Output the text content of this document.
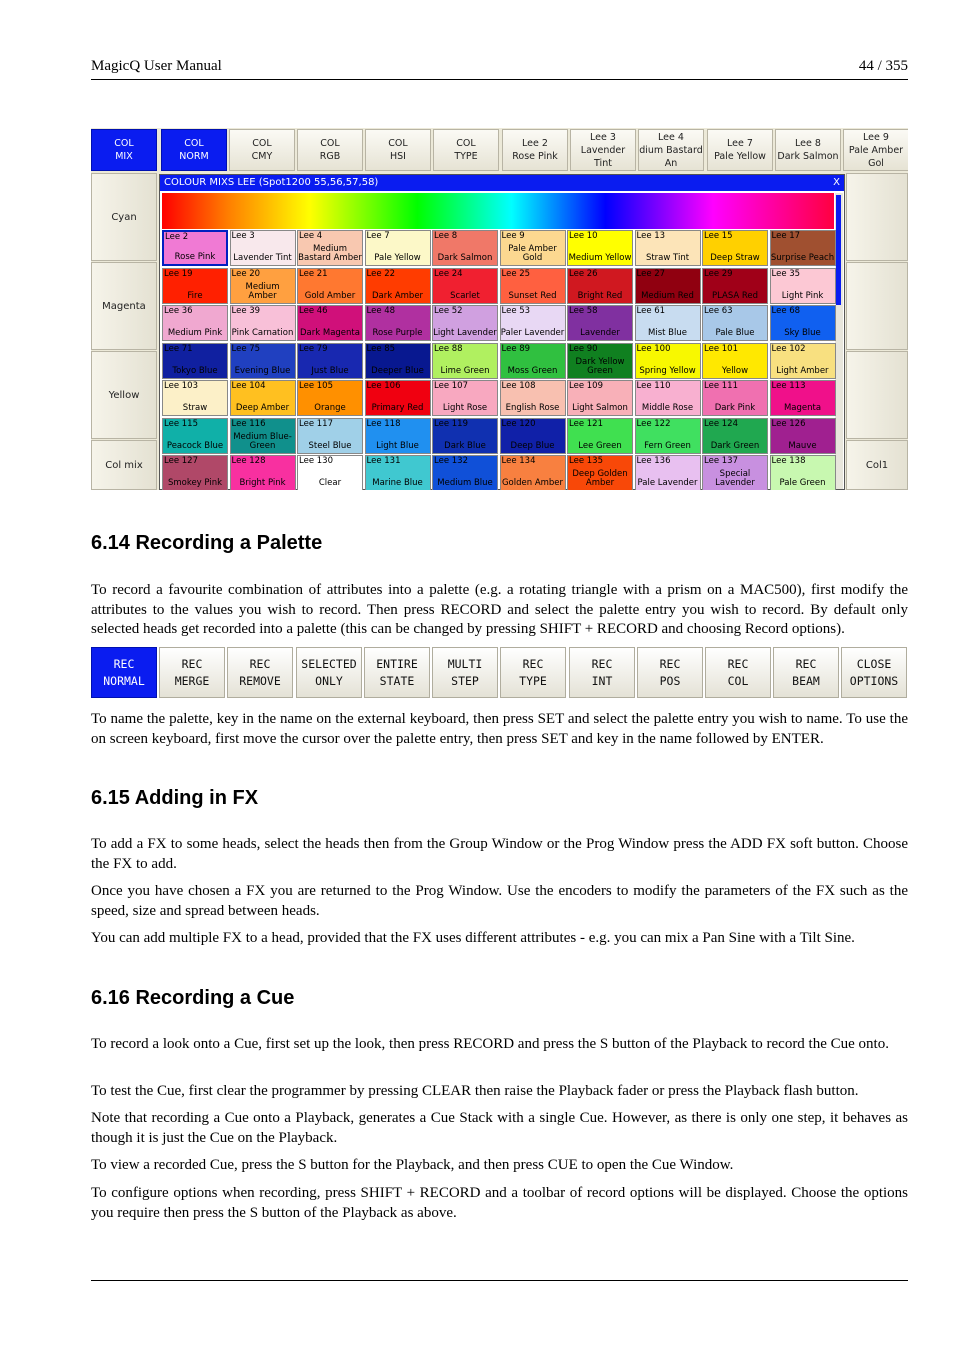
MagicQ User Manual	44 / 355
COL
MIX
COL
NORM
COL
CMY
COL
RGB
COL
HSI
COL
TYPE
Lee 2
Rose Pink
Lee 3
Lavender Tint
Lee 4
dium Bastard An
Lee 7
Pale Yellow
Lee 8
Dark Salmon
Lee 9
Pale Amber Gol
Cyan
Magenta
Yellow
Col mix	Col1
COLOUR MIXS LEE (Spot1200 55,56,57,58)	X
Lee 2
Rose Pink
Lee 3
Lavender Tint
Lee 4
Medium Bastard Amber
Lee 7
Pale Yellow
Lee 8
Dark Salmon
Lee 9
Pale Amber Gold
Lee 10
Medium Yellow
Lee 13
Straw Tint
Lee 15
Deep Straw
Lee 17
Surprise Peach
Lee 19
Fire
Lee 20
Medium Amber
Lee 21
Gold Amber
Lee 22
Dark Amber
Lee 24
Scarlet
Lee 25
Sunset Red
Lee 26
Bright Red
Lee 27
Medium Red
Lee 29
PLASA Red
Lee 35
Light Pink
Lee 36
Medium Pink
Lee 39
Pink Carnation
Lee 46
Dark Magenta
Lee 48
Rose Purple
Lee 52
Light Lavender
Lee 53
Paler Lavender
Lee 58
Lavender
Lee 61
Mist Blue
Lee 63
Pale Blue
Lee 68
Sky Blue
Lee 71
Tokyo Blue
Lee 75
Evening Blue
Lee 79
Just Blue
Lee 85
Deeper Blue
Lee 88
Lime Green
Lee 89
Moss Green
Lee 90
Dark Yellow Green
Lee 100
Spring Yellow
Lee 101
Yellow
Lee 102
Light Amber
Lee 103
Straw
Lee 104
Deep Amber
Lee 105
Orange
Lee 106
Primary Red
Lee 107
Light Rose
Lee 108
English Rose
Lee 109
Light Salmon
Lee 110
Middle Rose
Lee 111
Dark Pink
Lee 113
Magenta
Lee 115
Peacock Blue
Lee 116
Medium Blue-Green
Lee 117
Steel Blue
Lee 118
Light Blue
Lee 119
Dark Blue
Lee 120
Deep Blue
Lee 121
Lee Green
Lee 122
Fern Green
Lee 124
Dark Green
Lee 126
Mauve
Lee 127
Smokey Pink
Lee 128
Bright Pink
Lee 130
Clear
Lee 131
Marine Blue
Lee 132
Medium Blue
Lee 134
Golden Amber
Lee 135
Deep Golden Amber
Lee 136
Pale Lavender
Lee 137
Special Lavender
Lee 138
Pale Green
6.14 Recording a Palette

To record a favourite combination of attributes into a palette (e.g. a rotating triangle with a prism on a MAC500), first modify the attributes to the values you wish to record. Then press RECORD and select the palette entry you wish to record. By default only selected heads get recorded into a palette (this can be changed by pressing SHIFT + RECORD and choosing Record options).

REC
NORMAL
REC
MERGE
REC
REMOVE
SELECTED
ONLY
ENTIRE
STATE
MULTI
STEP
REC
TYPE
REC
INT
REC
POS
REC
COL
REC
BEAM
CLOSE
OPTIONS

To name the palette, key in the name on the external keyboard, then press SET and select the palette entry you wish to name. To use the on screen keyboard, first move the cursor over the palette entry, then press SET and key in the name followed by ENTER.

6.15 Adding in FX

To add a FX to some heads, select the heads then from the Group Window or the Prog Window press the ADD FX soft button. Choose the FX to add.

Once you have chosen a FX you are returned to the Prog Window. Use the encoders to modify the parameters of the FX such as the speed, size and spread between heads.

You can add multiple FX to a head, provided that the FX uses different attributes - e.g. you can mix a Pan Sine with a Tilt Sine.

6.16 Recording a Cue

To record a look onto a Cue, first set up the look, then press RECORD and press the S button of the Playback to record the Cue onto.

To test the Cue, first clear the programmer by pressing CLEAR then raise the Playback fader or press the Playback flash button.

Note that recording a Cue onto a Playback, generates a Cue Stack with a single Cue. However, as there is only one step, it behaves as though it is just the Cue on the Playback.

To view a recorded Cue, press the S button for the Playback, and then press CUE to open the Cue Window.

To configure options when recording, press SHIFT + RECORD and a toolbar of record options will be displayed. Choose the options you require then press the S button of the Playback as above.
